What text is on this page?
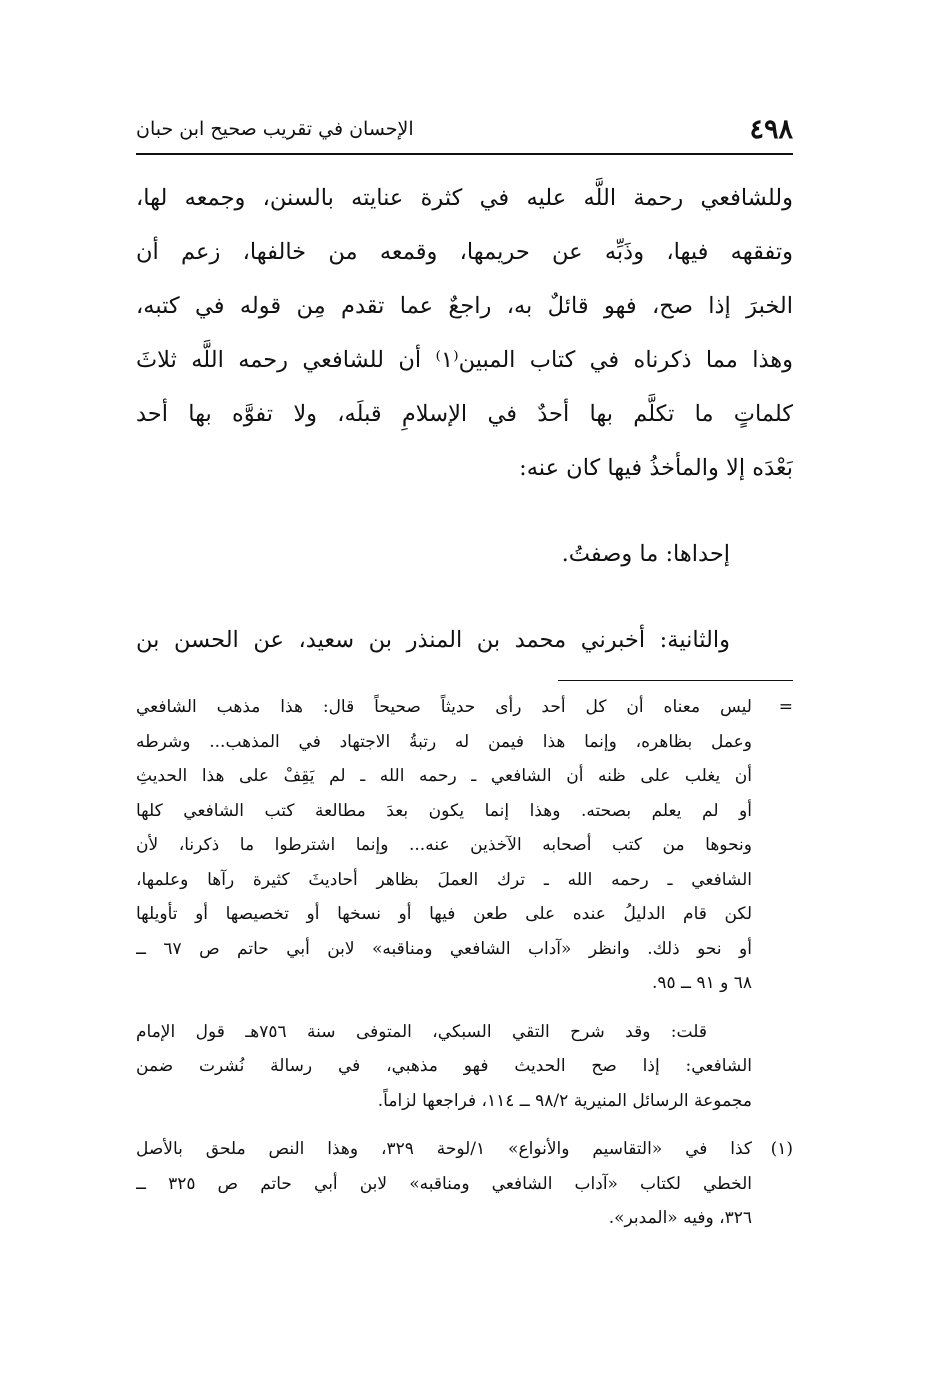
٤٩٨
الإحسان في تقريب صحيح ابن حبان
وللشافعي رحمة اللَّه عليه في كثرة عنايته بالسنن، وجمعه لها،
وتفقهه فيها، وذَبِّه عن حريمها، وقمعه من خالفها، زعم أن
الخبرَ إذا صح، فهو قائلٌ به، راجعٌ عما تقدم مِن قوله في كتبه،
وهذا مما ذكرناه في كتاب المبين⁽١⁾ أن للشافعي رحمه اللَّه ثلاثَ
كلماتٍ ما تكلَّم بها أحدٌ في الإسلامِ قبلَه، ولا تفوَّه بها أحد
بَعْدَه إلا والمأخذُ فيها كان عنه:
إحداها: ما وصفتُ.
والثانية: أخبرني محمد بن المنذر بن سعيد، عن الحسن بن
=
ليس معناه أن كل أحد رأى حديثاً صحيحاً قال: هذا مذهب الشافعي
وعمل بظاهره، وإنما هذا فيمن له رتبةُ الاجتهاد في المذهب... وشرطه
أن يغلب على ظنه أن الشافعي ـ رحمه الله ـ لم يَقِفْ على هذا الحديثِ
أو لم يعلم بصحته. وهذا إنما يكون بعدَ مطالعة كتب الشافعي كلها
ونحوها من كتب أصحابه الآخذين عنه... وإنما اشترطوا ما ذكرنا، لأن
الشافعي ـ رحمه الله ـ ترك العملَ بظاهر أحاديثَ كثيرة رآها وعلمها،
لكن قام الدليلُ عنده على طعن فيها أو نسخها أو تخصيصها أو تأويلها
أو نحو ذلك. وانظر «آداب الشافعي ومناقبه» لابن أبي حاتم ص ٦٧ ــ
٦٨ و ٩١ ــ ٩٥.
قلت: وقد شرح التقي السبكي، المتوفى سنة ٧٥٦هـ قول الإمام
الشافعي: إذا صح الحديث فهو مذهبي، في رسالة نُشرت ضمن
مجموعة الرسائل المنيرية ٩٨/٢ ــ ١١٤، فراجعها لزاماً.
(١)
كذا في «التقاسيم والأنواع» ١/لوحة ٣٢٩، وهذا النص ملحق بالأصل
الخطي لكتاب «آداب الشافعي ومناقبه» لابن أبي حاتم ص ٣٢٥ ــ
٣٢٦، وفيه «المدبر».
